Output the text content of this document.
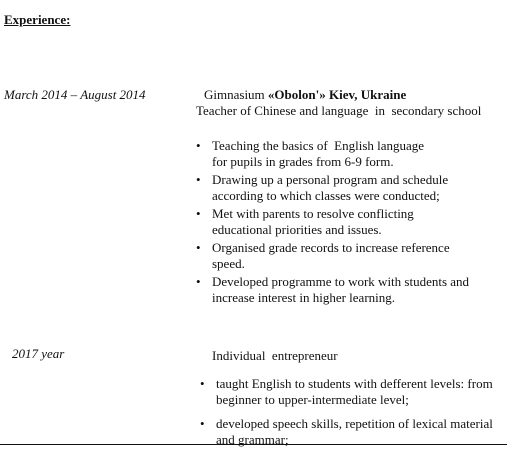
Experience:
March 2014 – August 2014	Gimnasium «Obolon'» Kiev, Ukraine
Teacher of Chinese and language  in  secondary school
• Teaching the basics of  English language
for pupils in grades from 6-9 form.
• Drawing up a personal program and schedule
according to which classes were conducted;
• Met with parents to resolve conflicting
educational priorities and issues.
• Organised grade records to increase reference
speed.
• Developed programme to work with students and
increase interest in higher learning.
2017 year	Individual  entrepreneur
• taught English to students with defferent levels: from
beginner to upper-intermediate level;
• developed speech skills, repetition of lexical material
and grammar;
